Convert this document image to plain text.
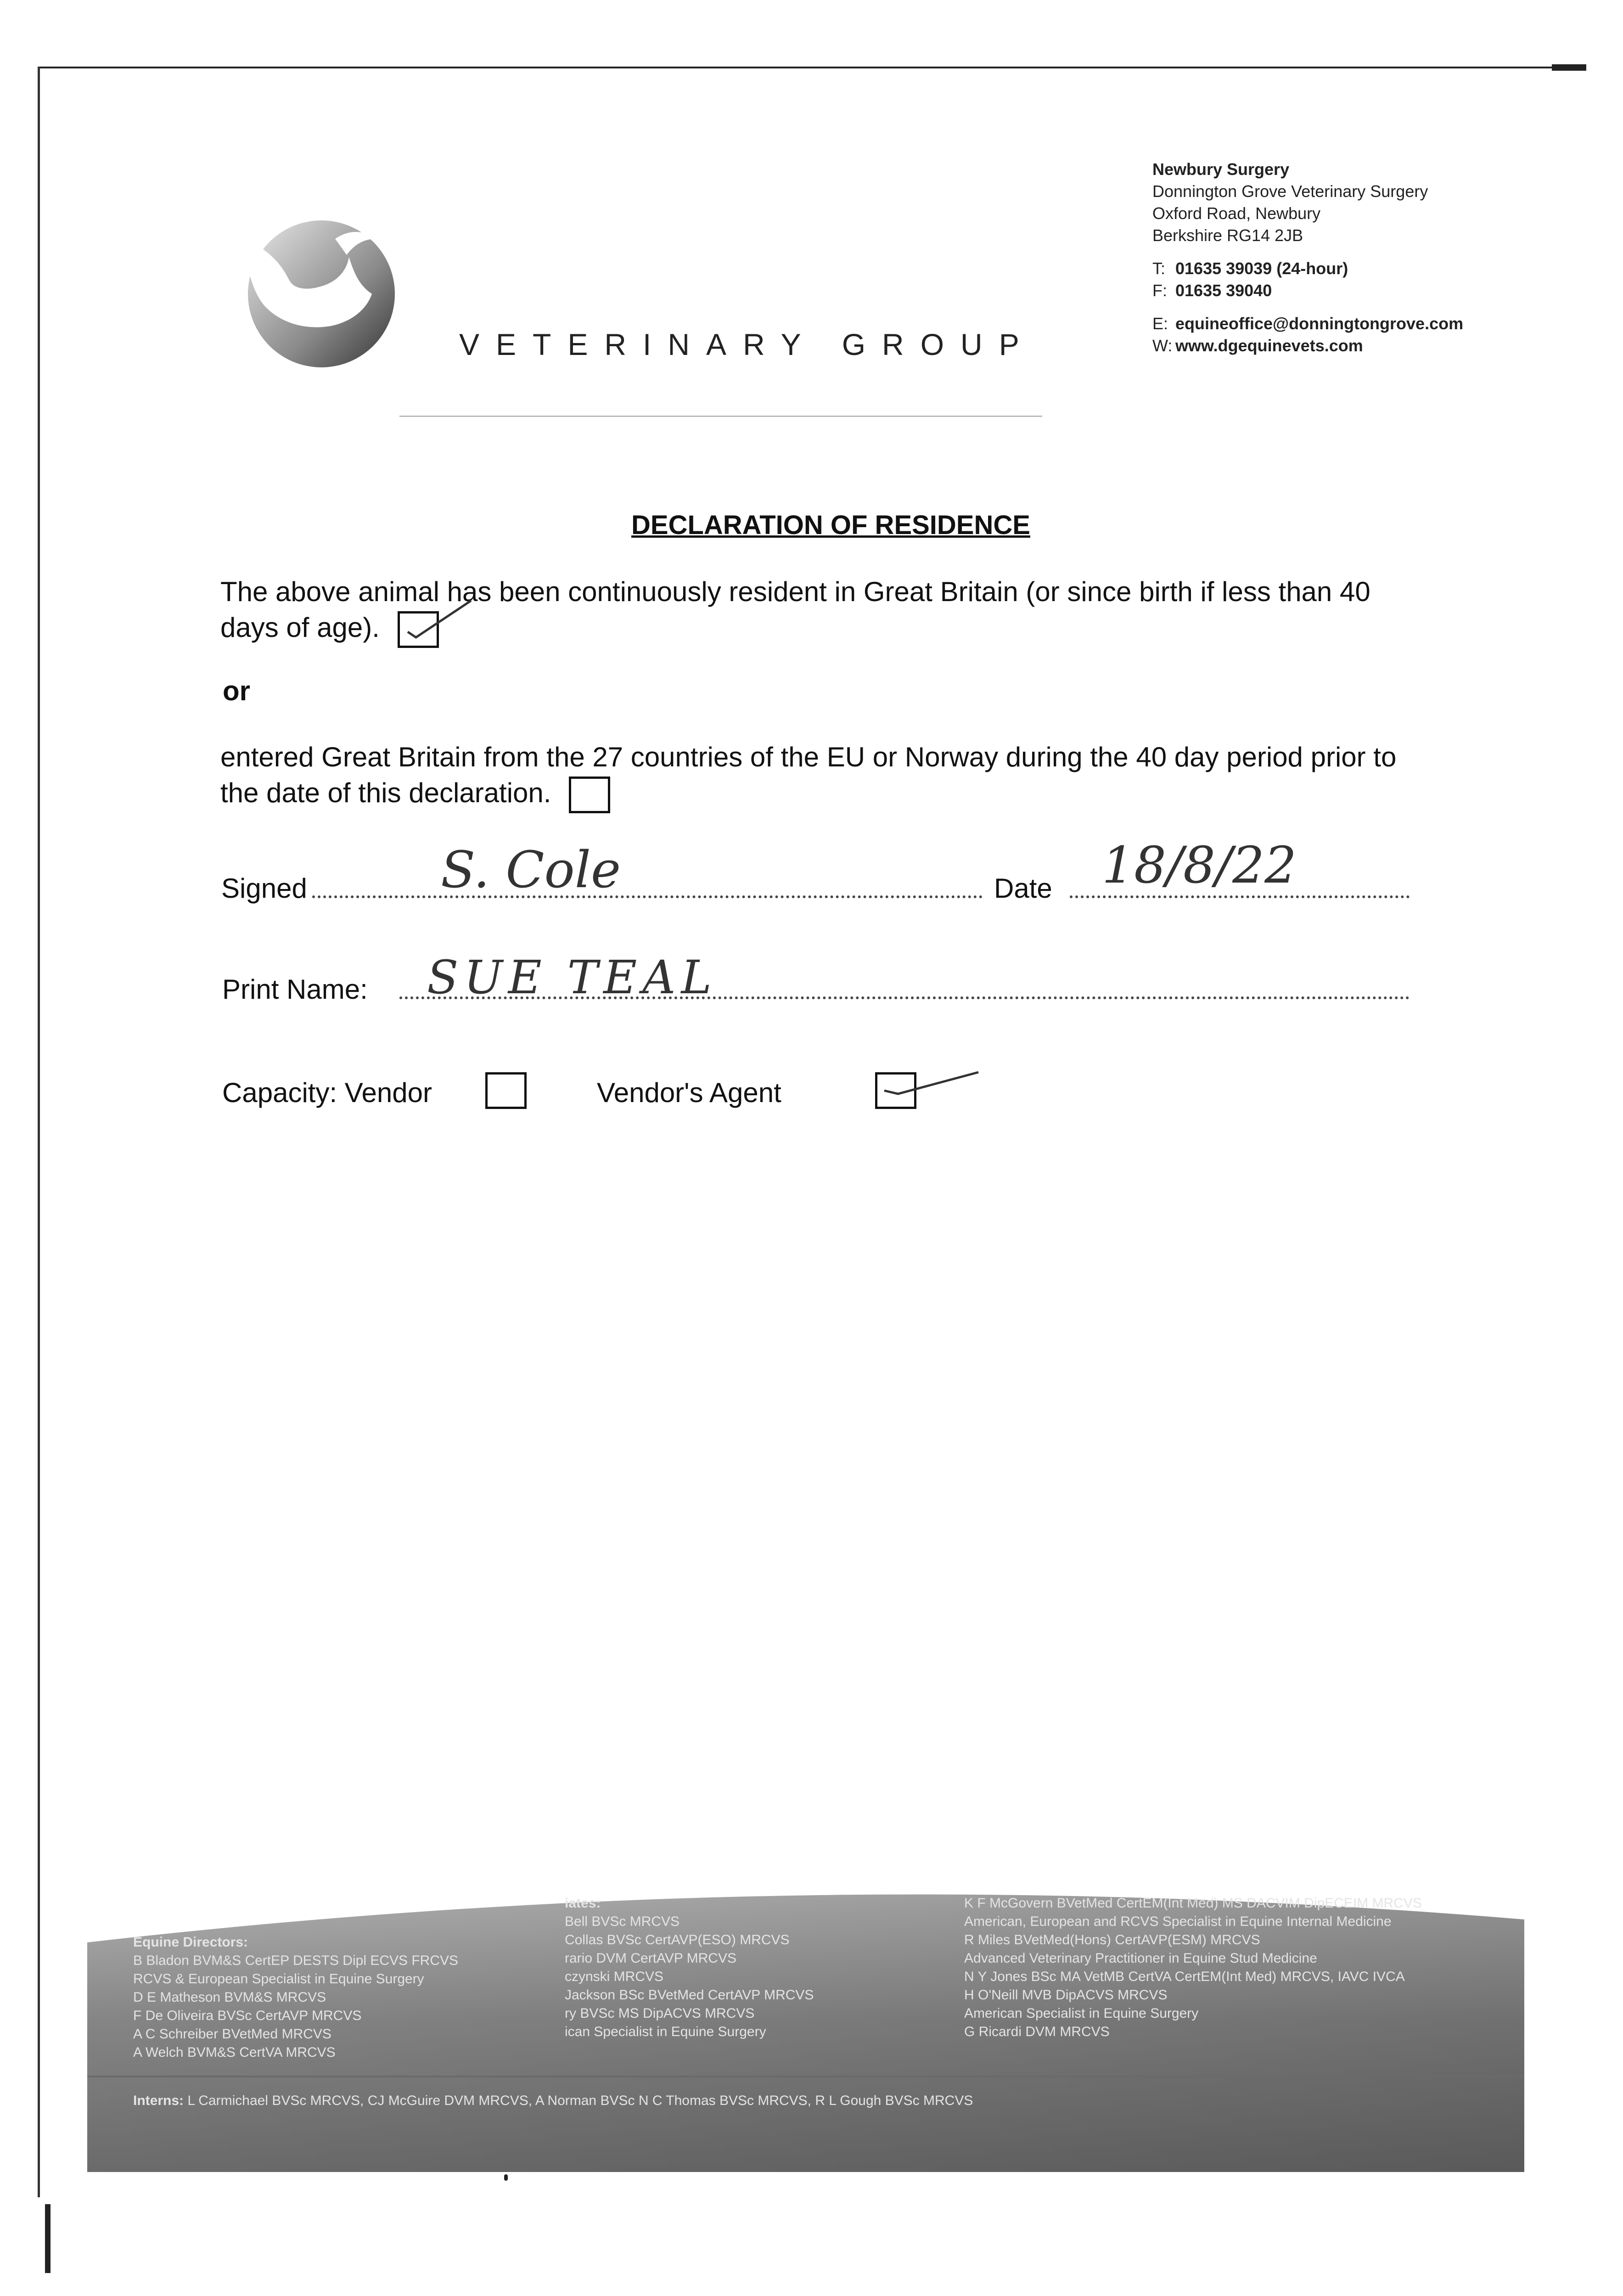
VETERINARY GROUP
Newbury Surgery
Donnington Grove Veterinary Surgery
Oxford Road, Newbury
Berkshire RG14 2JB
T: 01635 39039 (24-hour)
F: 01635 39040
E: equineoffice@donningtongrove.com
W: www.dgequinevets.com
DECLARATION OF RESIDENCE
The above animal has been continuously resident in Great Britain (or since birth if less than 40 days of age).
or
entered Great Britain from the 27 countries of the EU or Norway during the 40 day period prior to the date of this declaration.
Signed	S. Cole	Date 18/8/22
Print Name: SUE TEAL
Capacity: Vendor
	Vendor's Agent
Equine Directors:
B Bladon BVM&S CertEP DESTS Dipl ECVS FRCVS
RCVS & European Specialist in Equine Surgery
D E Matheson BVM&S MRCVS
F De Oliveira BVSc CertAVP MRCVS
A C Schreiber BVetMed MRCVS
A Welch BVM&S CertVA MRCVS
iates:
Bell BVSc MRCVS
Collas BVSc CertAVP(ESO) MRCVS
rario DVM CertAVP MRCVS
czynski MRCVS
Jackson BSc BVetMed CertAVP MRCVS
ry BVSc MS DipACVS MRCVS
ican Specialist in Equine Surgery
K F McGovern BVetMed CertEM(Int Med) MS DACVIM DipECEIM MRCVS
American, European and RCVS Specialist in Equine Internal Medicine
R Miles BVetMed(Hons) CertAVP(ESM) MRCVS
Advanced Veterinary Practitioner in Equine Stud Medicine
N Y Jones BSc MA VetMB CertVA CertEM(Int Med) MRCVS, IAVC IVCA
H O'Neill MVB DipACVS MRCVS
American Specialist in Equine Surgery
G Ricardi DVM MRCVS
Interns: L Carmichael BVSc MRCVS, CJ McGuire DVM MRCVS, A Norman BVSc N C Thomas BVSc MRCVS, R L Gough BVSc MRCVS
